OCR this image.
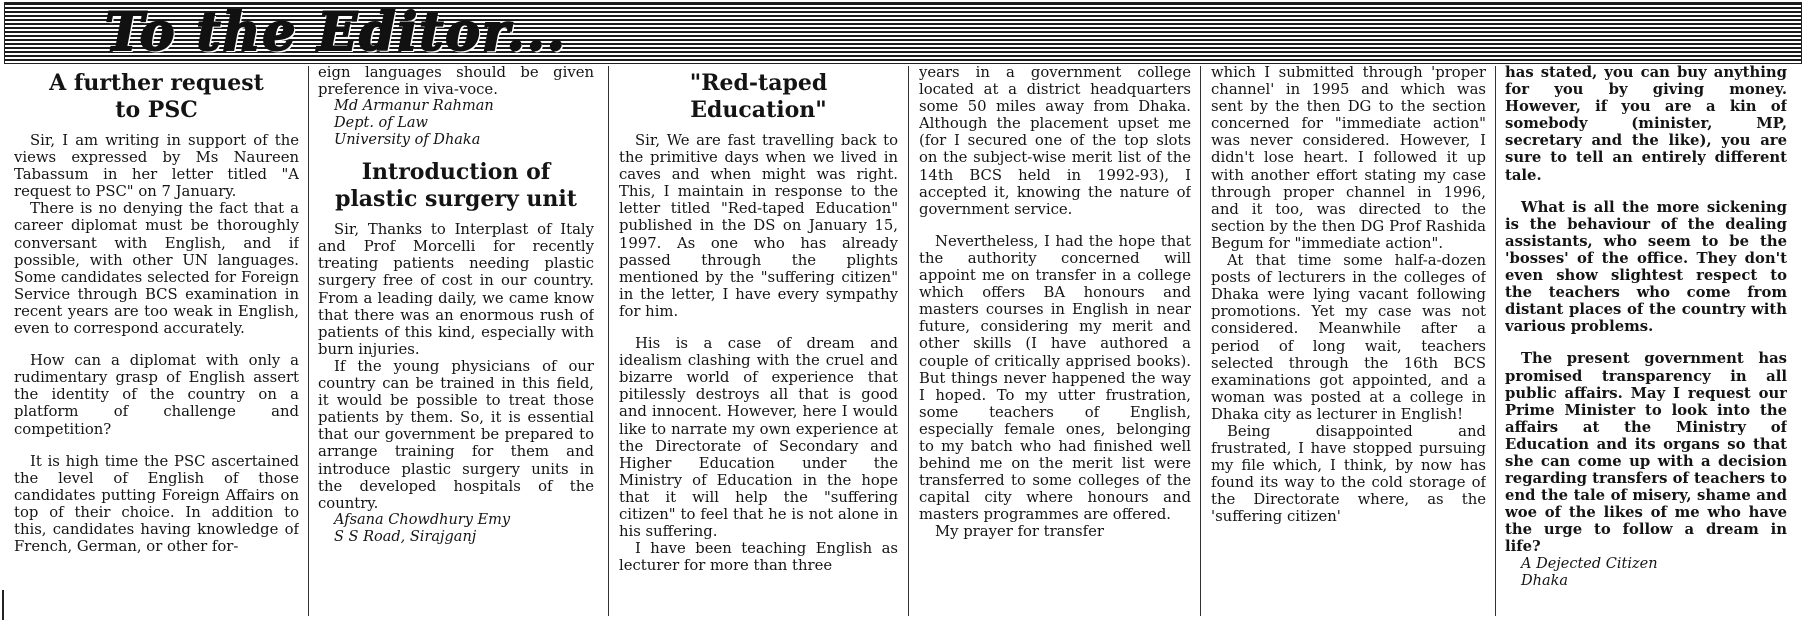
To the Editor...
A further request
to PSC

Sir, I am writing in support of the views expressed by Ms Naureen Tabassum in her letter titled "A request to PSC" on 7 January.

There is no denying the fact that a career diplomat must be thoroughly conversant with English, and if possible, with other UN languages. Some candidates selected for Foreign Service through BCS examination in recent years are too weak in English, even to correspond accurately.

How can a diplomat with only a rudimentary grasp of English assert the identity of the country on a platform of challenge and competition?

It is high time the PSC ascertained the level of English of those candidates putting Foreign Affairs on top of their choice. In addition to this, candidates having knowledge of French, German, or other for-

eign languages should be given preference in viva-voce.

Md Armanur Rahman

Dept. of Law

University of Dhaka

Introduction of
plastic surgery unit

Sir, Thanks to Interplast of Italy and Prof Morcelli for recently treating patients needing plastic surgery free of cost in our country. From a leading daily, we came know that there was an enormous rush of patients of this kind, especially with burn injuries.

If the young physicians of our country can be trained in this field, it would be possible to treat those patients by them. So, it is essential that our government be prepared to arrange training for them and introduce plastic surgery units in the developed hospitals of the country.

Afsana Chowdhury Emy

S S Road, Sirajganj

"Red-taped
Education"

Sir, We are fast travelling back to the primitive days when we lived in caves and when might was right. This, I maintain in response to the letter titled "Red-taped Education" published in the DS on January 15, 1997. As one who has already passed through the plights mentioned by the "suffering citizen" in the letter, I have every sympathy for him.

His is a case of dream and idealism clashing with the cruel and bizarre world of experience that pitilessly destroys all that is good and innocent. However, here I would like to narrate my own experience at the Directorate of Secondary and Higher Education under the Ministry of Education in the hope that it will help the "suffering citizen" to feel that he is not alone in his suffering.

I have been teaching English as lecturer for more than three

years in a government college located at a district headquarters some 50 miles away from Dhaka. Although the placement upset me (for I secured one of the top slots on the subject-wise merit list of the 14th BCS held in 1992-93), I accepted it, knowing the nature of government service.

Nevertheless, I had the hope that the authority concerned will appoint me on transfer in a college which offers BA honours and masters courses in English in near future, considering my merit and other skills (I have authored a couple of critically apprised books). But things never happened the way I hoped. To my utter frustration, some teachers of English, especially female ones, belonging to my batch who had finished well behind me on the merit list were transferred to some colleges of the capital city where honours and masters programmes are offered.

My prayer for transfer

which I submitted through 'proper channel' in 1995 and which was sent by the then DG to the section concerned for "immediate action" was never considered. However, I didn't lose heart. I followed it up with another effort stating my case through proper channel in 1996, and it too, was directed to the section by the then DG Prof Rashida Begum for "immediate action".

At that time some half-a-dozen posts of lecturers in the colleges of Dhaka were lying vacant following promotions. Yet my case was not considered. Meanwhile after a period of long wait, teachers selected through the 16th BCS examinations got appointed, and a woman was posted at a college in Dhaka city as lecturer in English!

Being disappointed and frustrated, I have stopped pursuing my file which, I think, by now has found its way to the cold storage of the Directorate where, as the 'suffering citizen'

has stated, you can buy anything for you by giving money. However, if you are a kin of somebody (minister, MP, secretary and the like), you are sure to tell an entirely different tale.

What is all the more sickening is the behaviour of the dealing assistants, who seem to be the 'bosses' of the office. They don't even show slightest respect to the teachers who come from distant places of the country with various problems.

The present government has promised transparency in all public affairs. May I request our Prime Minister to look into the affairs at the Ministry of Education and its organs so that she can come up with a decision regarding transfers of teachers to end the tale of misery, shame and woe of the likes of me who have the urge to follow a dream in life?

A Dejected Citizen

Dhaka
